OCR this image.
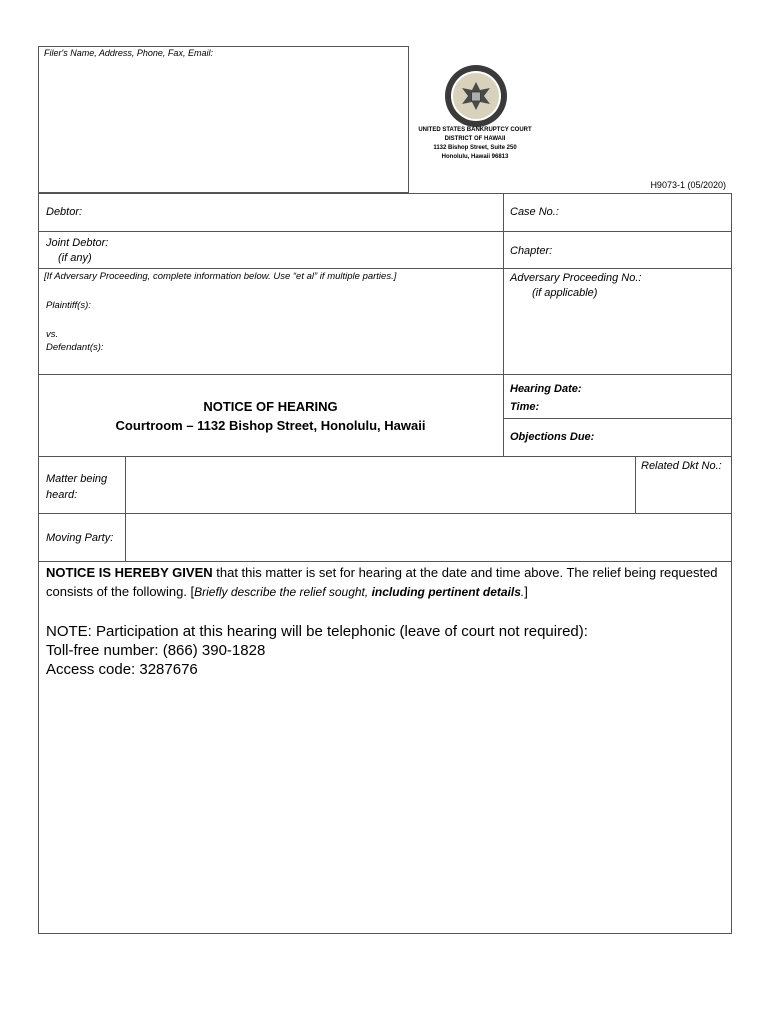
Filer's Name, Address, Phone, Fax, Email:
UNITED STATES BANKRUPTCY COURT
DISTRICT OF HAWAII
1132 Bishop Street, Suite 250
Honolulu, Hawaii 96813
H9073-1 (05/2020)
Debtor:	Case No.:
Joint Debtor:
(if any)
Chapter:
[If Adversary Proceeding, complete information below. Use “et al” if multiple parties.]
Plaintiff(s):
vs.
Defendant(s):
Adversary Proceeding No.:
(if applicable)
NOTICE OF HEARING
Courtroom – 1132 Bishop Street, Honolulu, Hawaii
Hearing Date:
Time:
Objections Due:
Matter being
heard:
Related Dkt No.:
Moving Party:
NOTICE IS HEREBY GIVEN that this matter is set for hearing at the date and time above. The relief being requested consists of the following. [Briefly describe the relief sought, including pertinent details.]
NOTE: Participation at this hearing will be telephonic (leave of court not required):
Toll-free number: (866) 390-1828
Access code: 3287676
